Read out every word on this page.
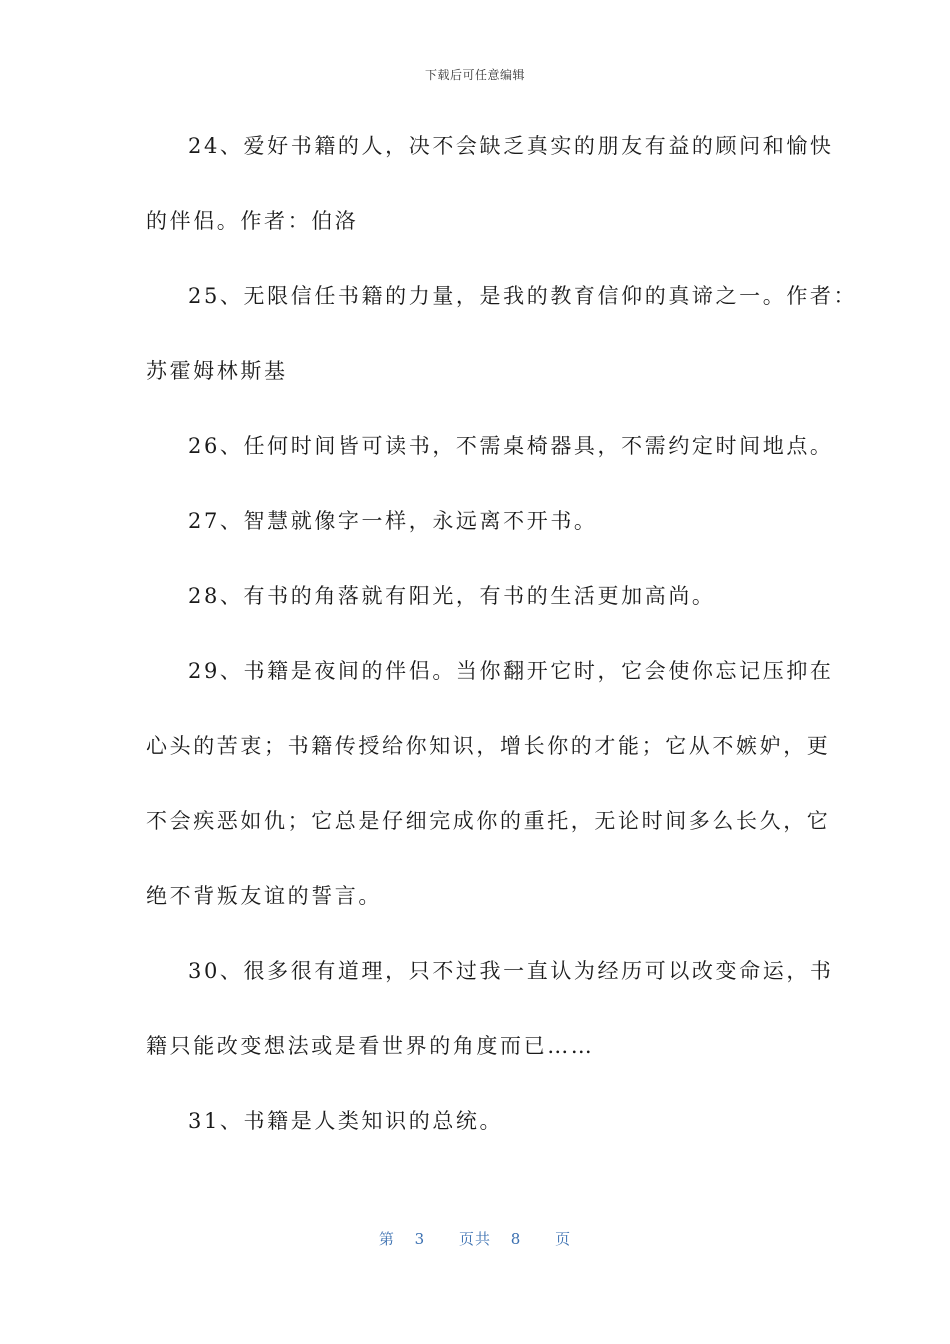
下载后可任意编辑
24、爱好书籍的人，决不会缺乏真实的朋友有益的顾问和愉快
的伴侣。作者：伯洛
25、无限信任书籍的力量，是我的教育信仰的真谛之一。作者：
苏霍姆林斯基
26、任何时间皆可读书，不需桌椅器具，不需约定时间地点。
27、智慧就像字一样，永远离不开书。
28、有书的角落就有阳光，有书的生活更加高尚。
29、书籍是夜间的伴侣。当你翻开它时，它会使你忘记压抑在
心头的苦衷；书籍传授给你知识，增长你的才能；它从不嫉妒，更
不会疾恶如仇；它总是仔细完成你的重托，无论时间多么长久，它
绝不背叛友谊的誓言。
30、很多很有道理，只不过我一直认为经历可以改变命运，书
籍只能改变想法或是看世界的角度而已……
31、书籍是人类知识的总统。
第 3 页共 8 页
